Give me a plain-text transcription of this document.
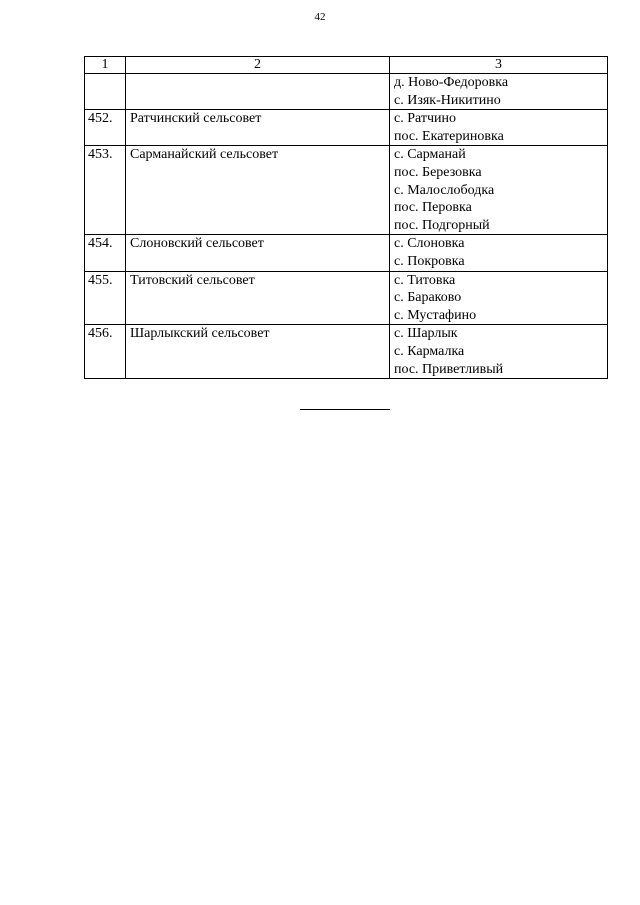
42
1	2	3

		д. Ново-Федоровка
с. Изяк-Никитино

452.	Ратчинский сельсовет	с. Ратчино
пос. Екатериновка

453.	Сарманайский сельсовет	с. Сарманай
пос. Березовка
с. Малослободка
пос. Перовка
пос. Подгорный

454.	Слоновский сельсовет	с. Слоновка
с. Покровка

455.	Титовский сельсовет	с. Титовка
с. Бараково
с. Мустафино

456.	Шарлыкский сельсовет	с. Шарлык
с. Кармалка
пос. Приветливый
